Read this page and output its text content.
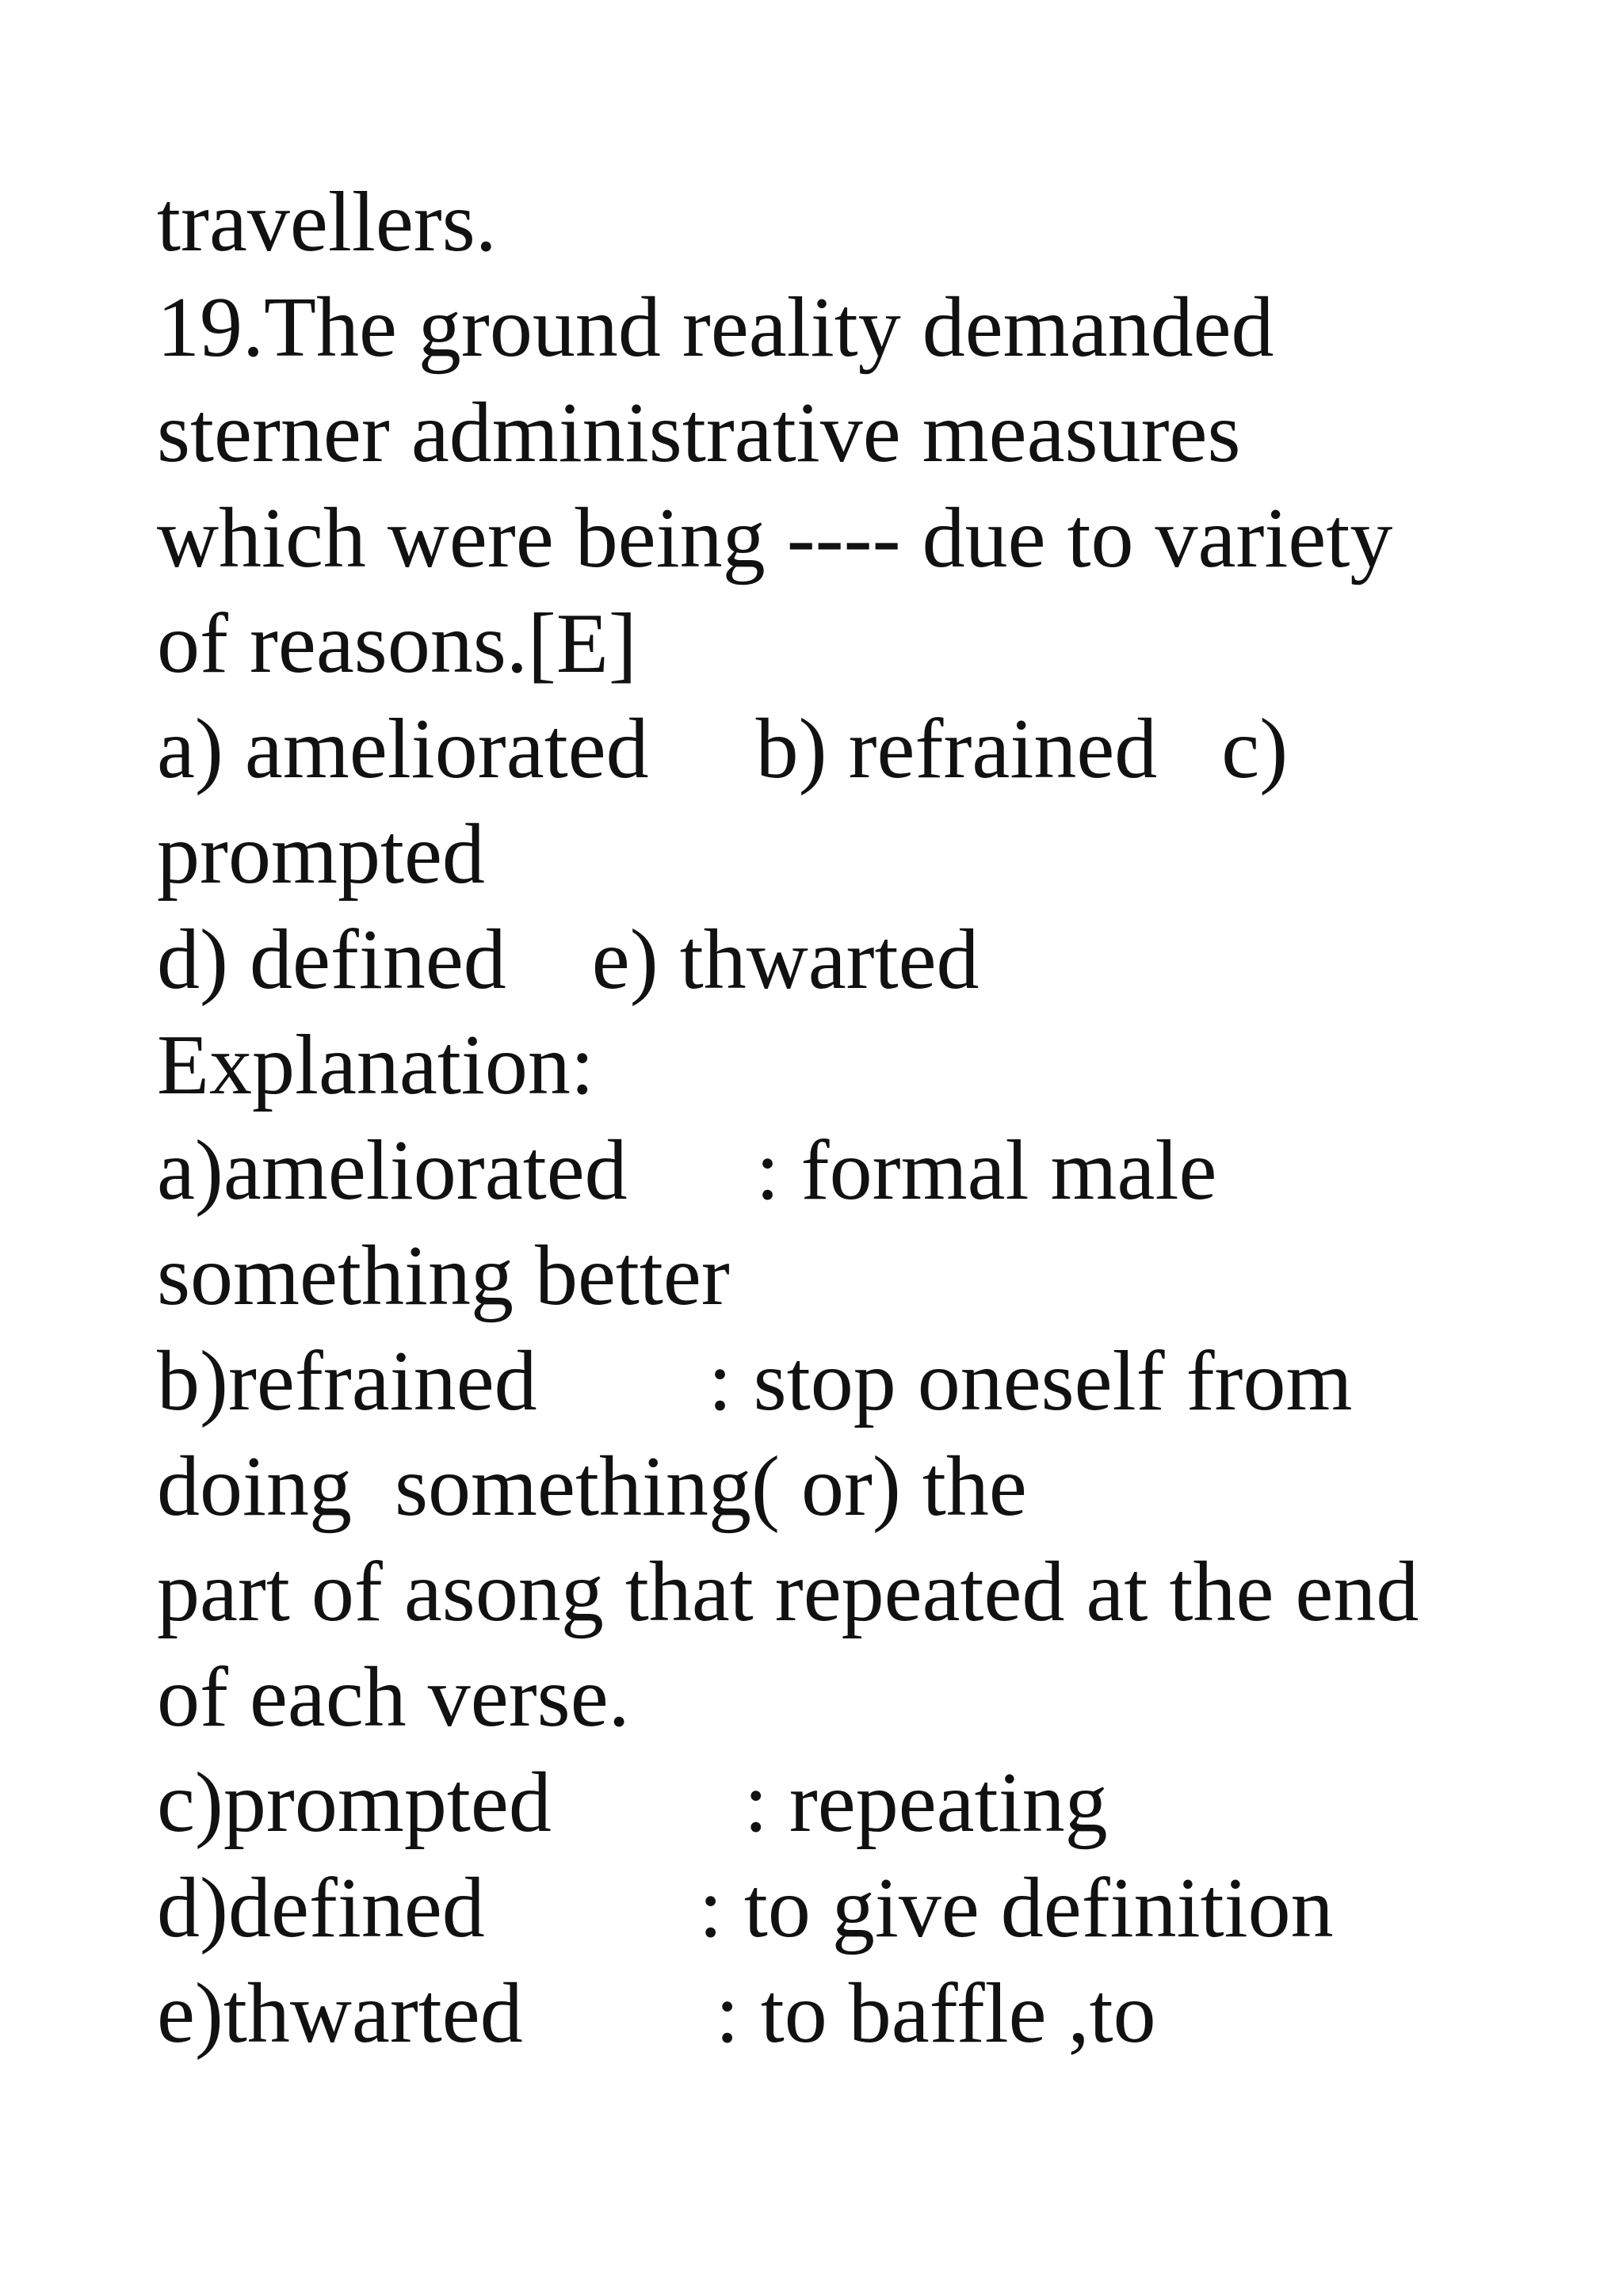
travellers.
19.The ground reality demanded
sterner administrative measures
which were being ---- due to variety
of reasons.[E]
a) ameliorated     b) refrained   c)
prompted
d) defined    e) thwarted
Explanation:
a)ameliorated      : formal male
something better
b)refrained        : stop oneself from
doing  something( or) the
part of asong that repeated at the end
of each verse.
c)prompted         : repeating
d)defined          : to give definition
e)thwarted         : to baffle ,to
